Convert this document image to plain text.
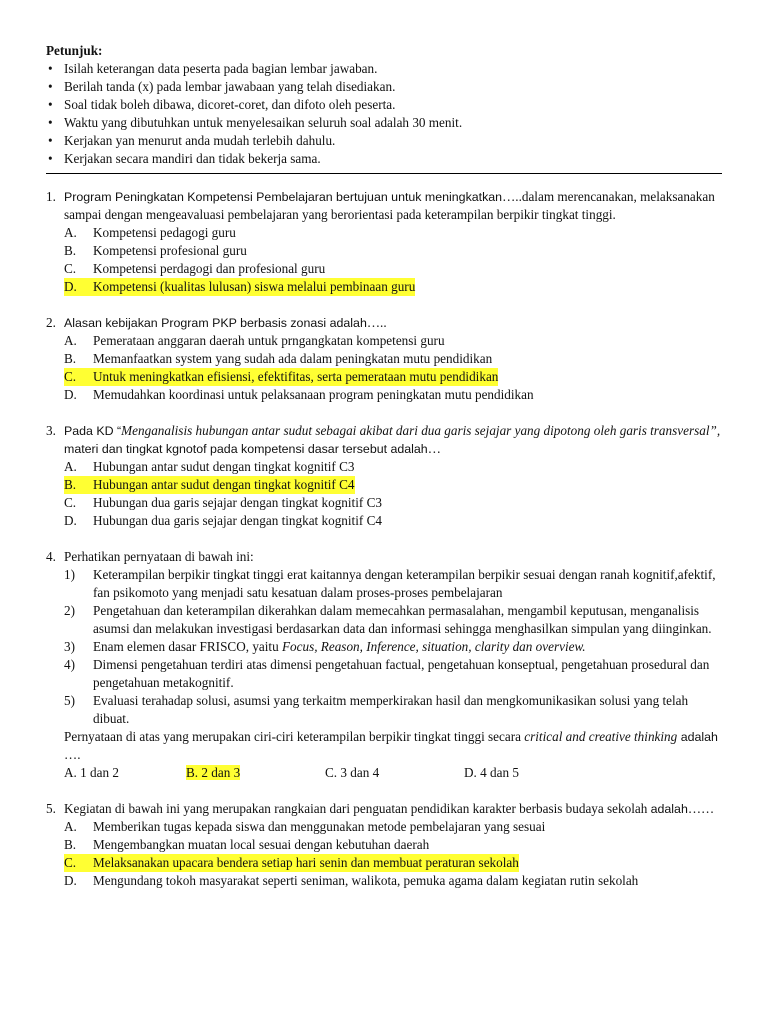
Petunjuk:
• Isilah keterangan data peserta pada bagian lembar jawaban.
• Berilah tanda (x) pada lembar jawabaan yang telah disediakan.
• Soal tidak boleh dibawa, dicoret-coret, dan difoto oleh peserta.
• Waktu yang dibutuhkan untuk menyelesaikan seluruh soal adalah 30 menit.
• Kerjakan yan menurut anda mudah terlebih dahulu.
• Kerjakan secara mandiri dan tidak bekerja sama.
1. Program Peningkatan Kompetensi Pembelajaran bertujuan untuk meningkatkan…..dalam merencanakan, melaksanakan sampai dengan mengeavaluasi pembelajaran yang berorientasi pada keterampilan berpikir tingkat tinggi.
A.	Kompetensi pedagogi guru
B.	Kompetensi profesional guru
C.	Kompetensi perdagogi dan profesional guru
D.	Kompetensi (kualitas lulusan) siswa melalui pembinaan guru
2. Alasan kebijakan Program PKP berbasis zonasi adalah…..
A.	Pemerataan anggaran daerah untuk prngangkatan kompetensi guru
B.	Memanfaatkan system yang sudah ada dalam peningkatan mutu pendidikan
C.	Untuk meningkatkan efisiensi, efektifitas, serta pemerataan mutu pendidikan
D.	Memudahkan koordinasi untuk pelaksanaan program peningkatan mutu pendidikan
3. Pada KD “Menganalisis hubungan antar sudut sebagai akibat dari dua garis sejajar yang dipotong oleh garis transversal”, materi dan tingkat kgnotof pada kompetensi dasar tersebut adalah…
A.	Hubungan antar sudut dengan tingkat kognitif C3
B.	Hubungan antar sudut dengan tingkat kognitif C4
C.	Hubungan dua garis sejajar dengan tingkat kognitif C3
D.	Hubungan dua garis sejajar dengan tingkat kognitif C4
4. Perhatikan pernyataan di bawah ini:
1)	Keterampilan berpikir tingkat tinggi erat kaitannya dengan keterampilan berpikir sesuai dengan ranah kognitif,afektif, fan psikomoto yang menjadi satu kesatuan dalam proses-proses pembelajaran
2)	Pengetahuan dan keterampilan dikerahkan dalam memecahkan permasalahan, mengambil keputusan, menganalisis asumsi dan melakukan investigasi berdasarkan data dan informasi sehingga menghasilkan simpulan yang diinginkan.
3)	Enam elemen dasar FRISCO, yaitu Focus, Reason, Inference, situation, clarity dan overview.
4)	Dimensi pengetahuan terdiri atas dimensi pengetahuan factual, pengetahuan konseptual, pengetahuan prosedural dan pengetahuan metakognitif.
5)	Evaluasi terahadap solusi, asumsi yang terkaitm memperkirakan hasil dan mengkomunikasikan solusi yang telah dibuat.
Pernyataan di atas yang merupakan ciri-ciri keterampilan berpikir tingkat tinggi secara critical and creative thinking adalah ….
A. 1 dan 2	B. 2 dan 3	C. 3 dan 4	D. 4 dan 5
5. Kegiatan di bawah ini yang merupakan rangkaian dari penguatan pendidikan karakter berbasis budaya sekolah adalah……
A.	Memberikan tugas kepada siswa dan menggunakan metode pembelajaran yang sesuai
B.	Mengembangkan muatan local sesuai dengan kebutuhan daerah
C.	Melaksanakan upacara bendera setiap hari senin dan membuat peraturan sekolah
D.	Mengundang tokoh masyarakat seperti seniman, walikota, pemuka agama dalam kegiatan rutin sekolah
